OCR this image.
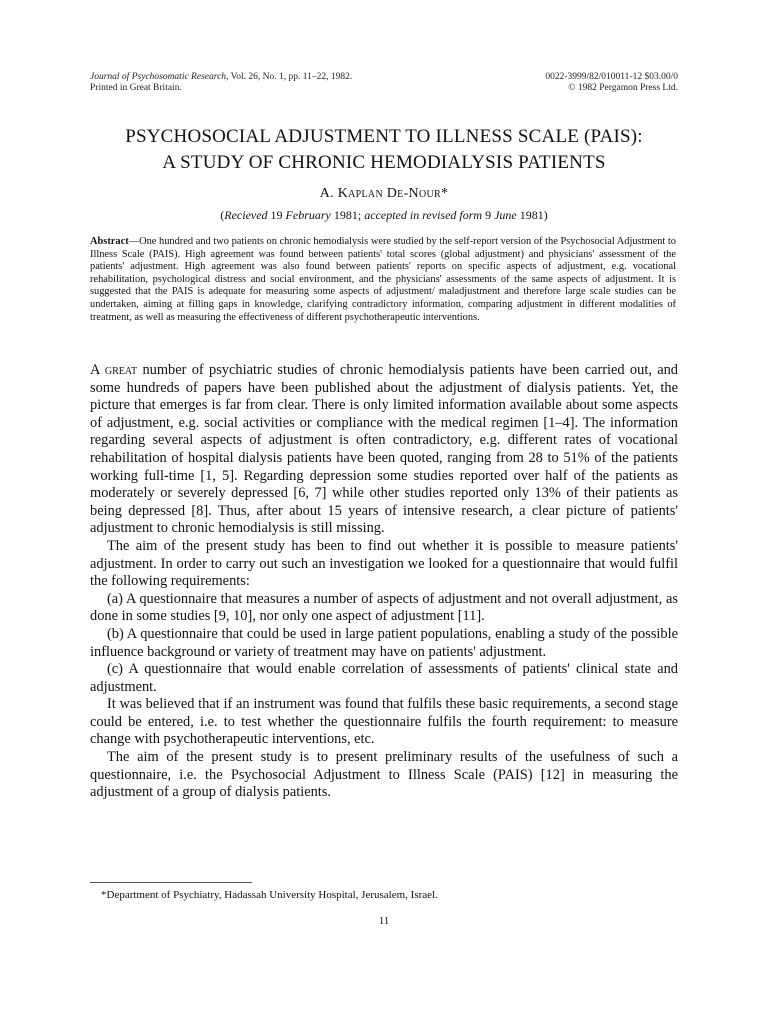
Journal of Psychosomatic Research, Vol. 26, No. 1, pp. 11–22, 1982.
Printed in Great Britain.
0022-3999/82/010011-12 $03.00/0
© 1982 Pergamon Press Ltd.
PSYCHOSOCIAL ADJUSTMENT TO ILLNESS SCALE (PAIS):
A STUDY OF CHRONIC HEMODIALYSIS PATIENTS
A. Kaplan De-Nour*
(Recieved 19 February 1981; accepted in revised form 9 June 1981)
Abstract—One hundred and two patients on chronic hemodialysis were studied by the self-report version of the Psychosocial Adjustment to Illness Scale (PAIS). High agreement was found between patients' total scores (global adjustment) and physicians' assessment of the patients' adjustment. High agreement was also found between patients' reports on specific aspects of adjustment, e.g. vocational rehabilitation, psychological distress and social environment, and the physicians' assessments of the same aspects of adjustment. It is suggested that the PAIS is adequate for measuring some aspects of adjustment/ maladjustment and therefore large scale studies can be undertaken, aiming at filling gaps in knowledge, clarifying contradictory information, comparing adjustment in different modalities of treatment, as well as measuring the effectiveness of different psychotherapeutic interventions.

A great number of psychiatric studies of chronic hemodialysis patients have been carried out, and some hundreds of papers have been published about the adjustment of dialysis patients. Yet, the picture that emerges is far from clear. There is only limited information available about some aspects of adjustment, e.g. social activities or compliance with the medical regimen [1–4]. The information regarding several aspects of adjustment is often contradictory, e.g. different rates of vocational rehabilitation of hospital dialysis patients have been quoted, ranging from 28 to 51% of the patients working full-time [1, 5]. Regarding depression some studies reported over half of the patients as moderately or severely depressed [6, 7] while other studies reported only 13% of their patients as being depressed [8]. Thus, after about 15 years of intensive research, a clear picture of patients' adjustment to chronic hemodialysis is still missing.

The aim of the present study has been to find out whether it is possible to measure patients' adjustment. In order to carry out such an investigation we looked for a questionnaire that would fulfil the following requirements:

(a) A questionnaire that measures a number of aspects of adjustment and not overall adjustment, as done in some studies [9, 10], nor only one aspect of adjustment [11].

(b) A questionnaire that could be used in large patient populations, enabling a study of the possible influence background or variety of treatment may have on patients' adjustment.

(c) A questionnaire that would enable correlation of assessments of patients' clinical state and adjustment.

It was believed that if an instrument was found that fulfils these basic requirements, a second stage could be entered, i.e. to test whether the questionnaire fulfils the fourth requirement: to measure change with psychotherapeutic interventions, etc.

The aim of the present study is to present preliminary results of the usefulness of such a questionnaire, i.e. the Psychosocial Adjustment to Illness Scale (PAIS) [12] in measuring the adjustment of a group of dialysis patients.

*Department of Psychiatry, Hadassah University Hospital, Jerusalem, Israel.
11
